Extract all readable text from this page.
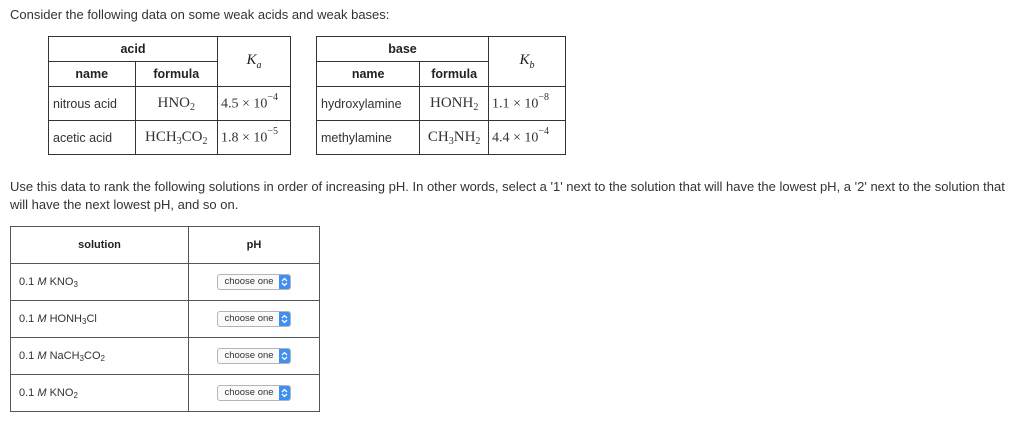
Consider the following data on some weak acids and weak bases:

acid		$K_a$
name	formula	
nitrous acid	$HNO_2$	$4.5 \times 10^{-4}$
acetic acid	$HCH_3CO_2$	$1.8 \times 10^{-5}$
base		$K_b$
name	formula	
hydroxylamine	$HONH_2$	$1.1 \times 10^{-8}$
methylamine	$CH_3NH_2$	$4.4 \times 10^{-4}$

Use this data to rank the following solutions in order of increasing pH. In other words, select a '1' next to the solution that will have the lowest pH, a '2' next to the solution that will have the next lowest pH, and so on.

solution	pH
0.1 M KNO3	choose one

0.1 M HONH3Cl	choose one

0.1 M NaCH3CO2	choose one

0.1 M KNO2	choose one
